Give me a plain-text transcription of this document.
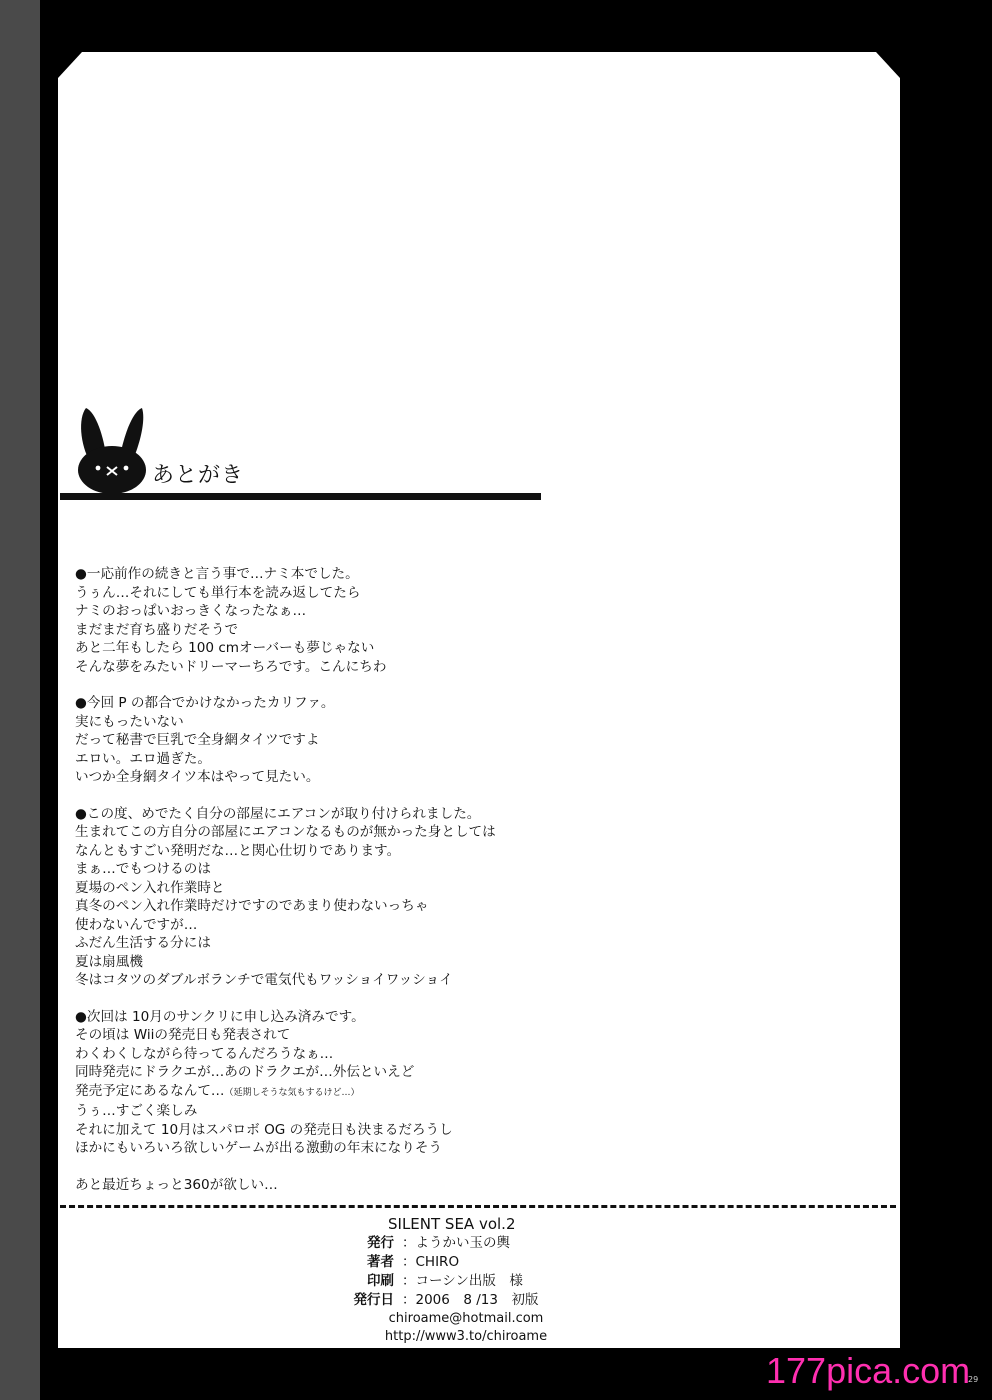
あとがき
●一応前作の続きと言う事で…ナミ本でした。
うぅん…それにしても単行本を読み返してたら
ナミのおっぱいおっきくなったなぁ…
まだまだ育ち盛りだそうで
あと二年もしたら 100 cmオーバーも夢じゃない
そんな夢をみたいドリーマーちろです。こんにちわ
●今回 P の都合でかけなかったカリファ。
実にもったいない
だって秘書で巨乳で全身網タイツですよ
エロい。エロ過ぎた。
いつか全身網タイツ本はやって見たい。
●この度、めでたく自分の部屋にエアコンが取り付けられました。
生まれてこの方自分の部屋にエアコンなるものが無かった身としては
なんともすごい発明だな…と関心仕切りであります。
まぁ…でもつけるのは
夏場のペン入れ作業時と
真冬のペン入れ作業時だけですのであまり使わないっちゃ
使わないんですが…
ふだん生活する分には
夏は扇風機
冬はコタツのダブルボランチで電気代もワッショイワッショイ
●次回は 10月のサンクリに申し込み済みです。
その頃は Wiiの発売日も発表されて
わくわくしながら待ってるんだろうなぁ…
同時発売にドラクエが…あのドラクエが…外伝といえど
発売予定にあるなんて…（延期しそうな気もするけど…）
うぅ…すごく楽しみ
それに加えて 10月はスパロボ OG の発売日も決まるだろうし
ほかにもいろいろ欲しいゲームが出る激動の年末になりそう
あと最近ちょっと360が欲しい…
SILENT SEA vol.2
発行 ：ようかい玉の輿
著者 ：CHIRO
印刷 ：コーシン出版　様
発行日 ：2006　8 /13　初版
chiroame@hotmail.com
http://www3.to/chiroame
29
177pica.com
